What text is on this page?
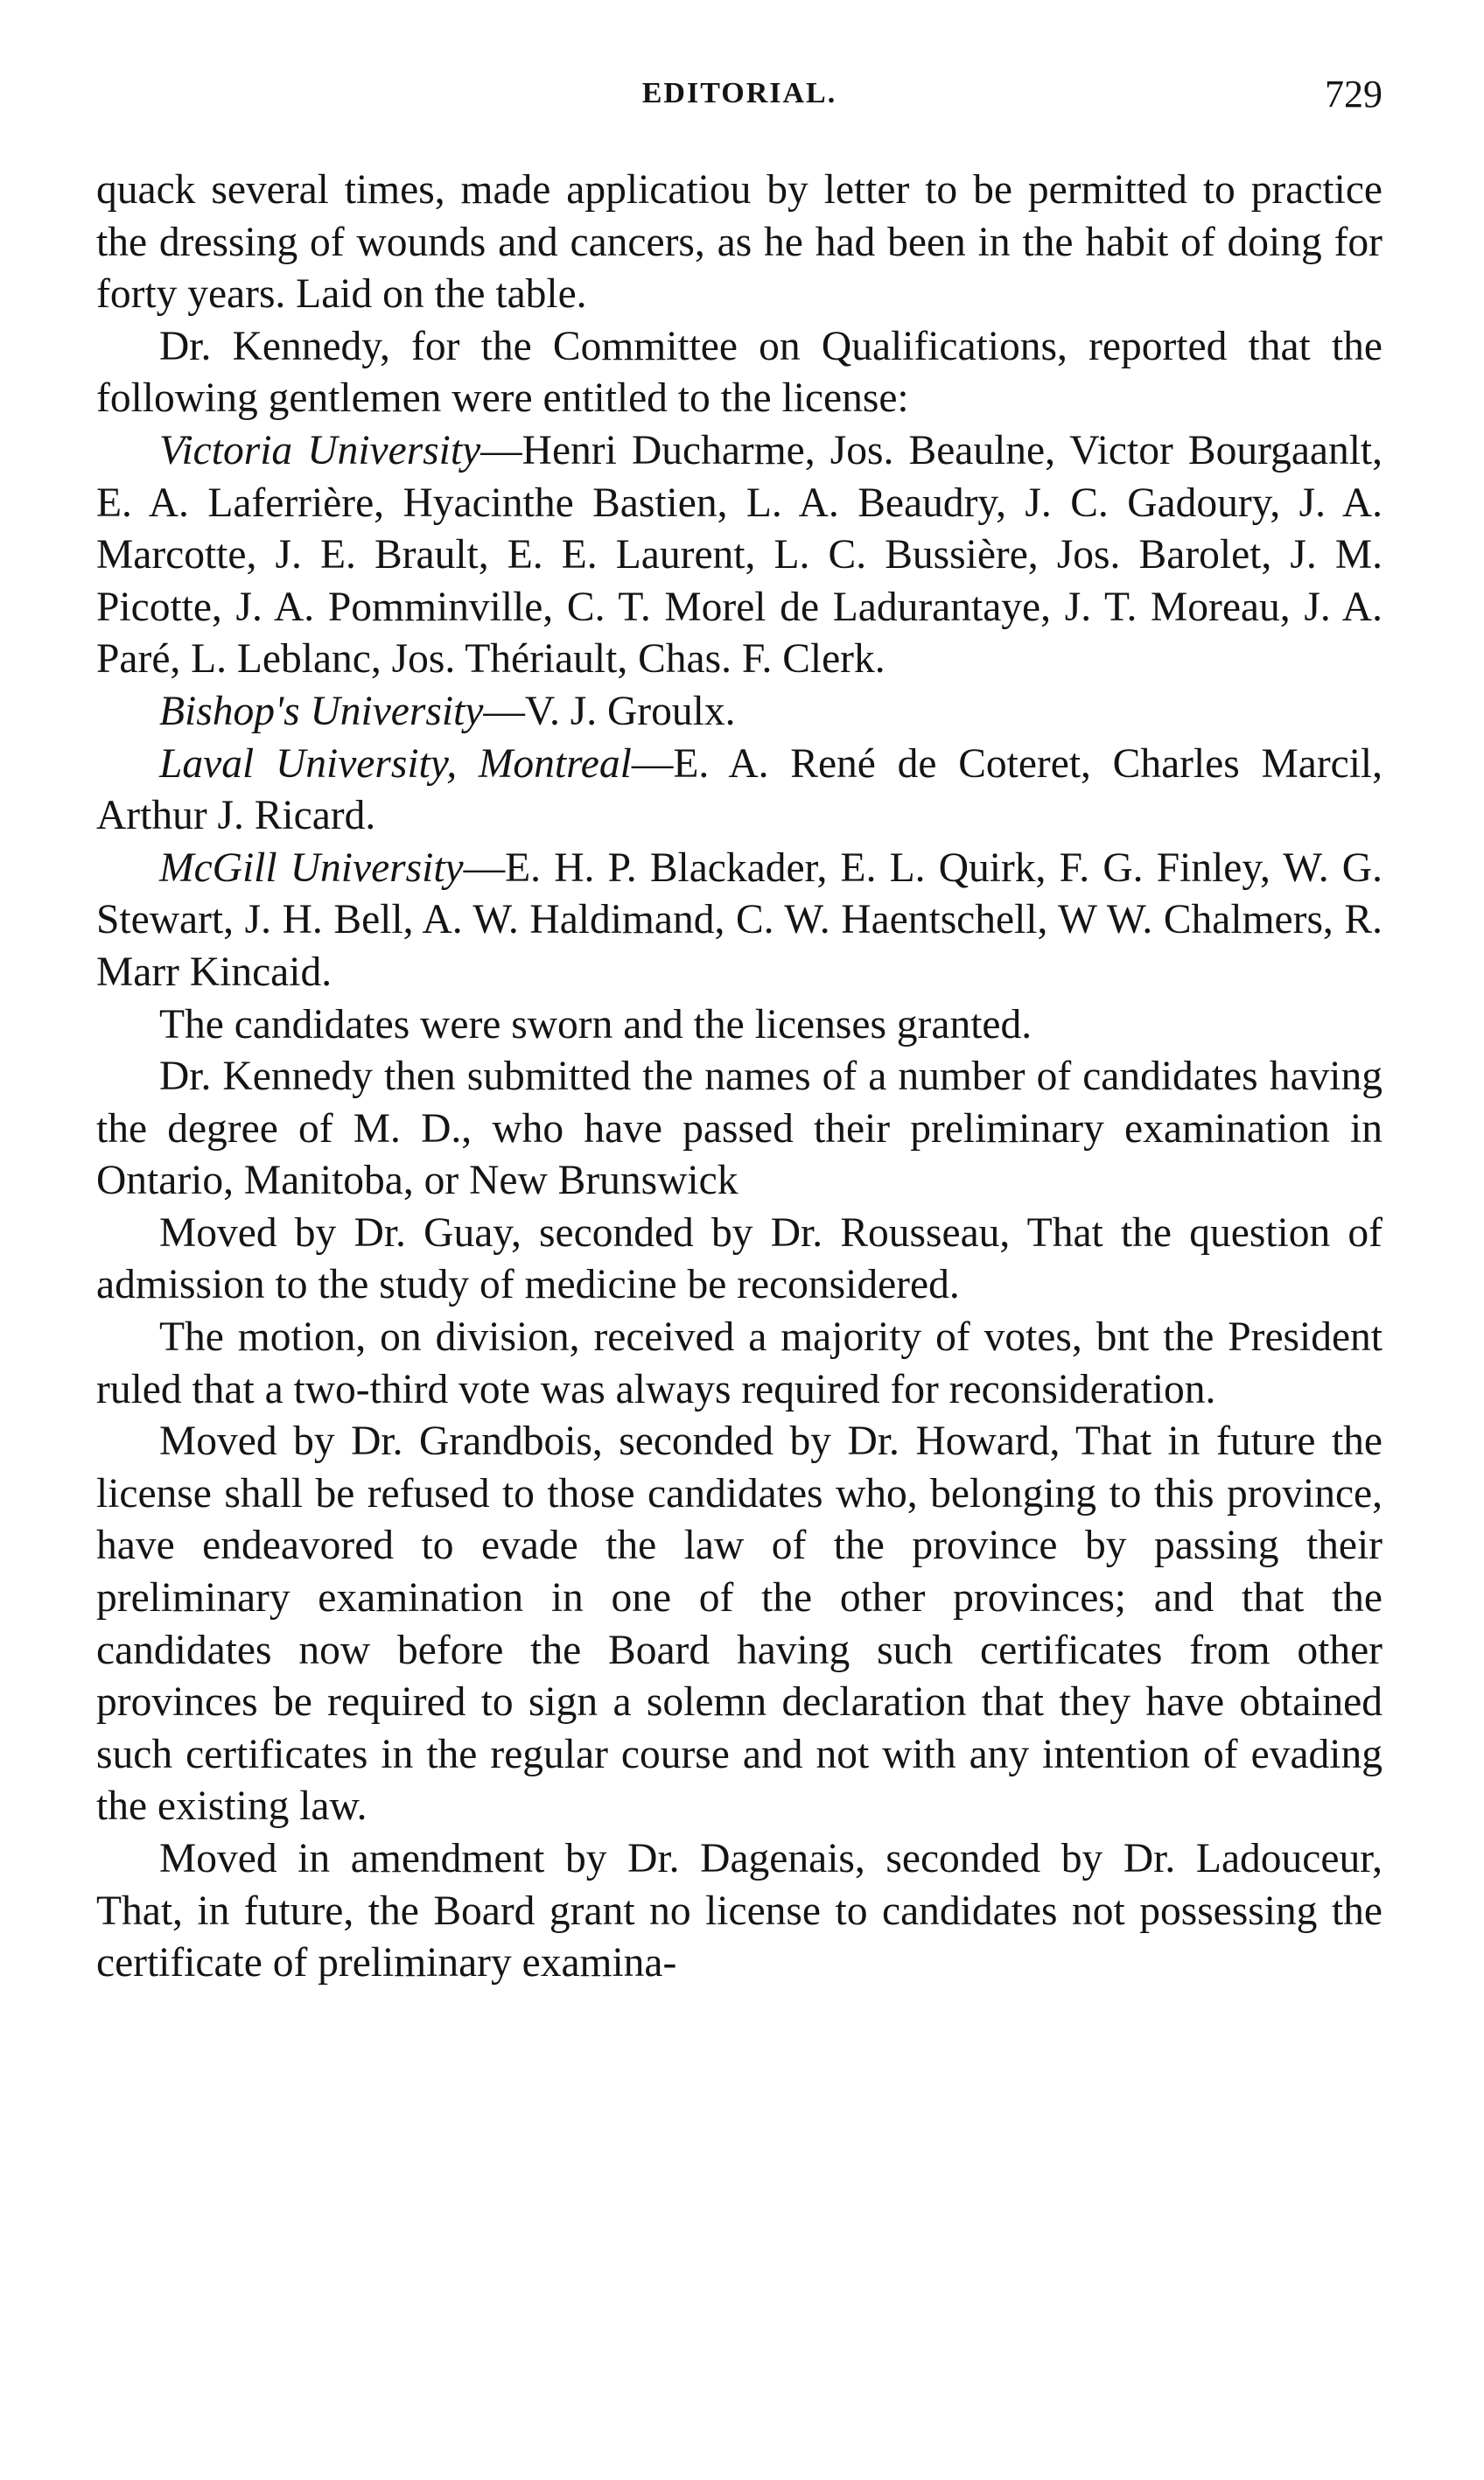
EDITORIAL.	729

quack several times, made applicatiou by letter to be permitted to practice the dressing of wounds and cancers, as he had been in the habit of doing for forty years. Laid on the table.

Dr. Kennedy, for the Committee on Qualifications, reported that the following gentlemen were entitled to the license:

Victoria University—Henri Ducharme, Jos. Beaulne, Victor Bourgaanlt, E. A. Laferrière, Hyacinthe Bastien, L. A. Beaudry, J. C. Gadoury, J. A. Marcotte, J. E. Brault, E. E. Laurent, L. C. Bussière, Jos. Barolet, J. M. Picotte, J. A. Pomminville, C. T. Morel de Ladurantaye, J. T. Moreau, J. A. Paré, L. Leblanc, Jos. Thériault, Chas. F. Clerk.

Bishop's University—V. J. Groulx.

Laval University, Montreal—E. A. René de Coteret, Charles Marcil, Arthur J. Ricard.

McGill University—E. H. P. Blackader, E. L. Quirk, F. G. Finley, W. G. Stewart, J. H. Bell, A. W. Haldimand, C. W. Haentschell, W W. Chalmers, R. Marr Kincaid.

The candidates were sworn and the licenses granted.

Dr. Kennedy then submitted the names of a number of candidates having the degree of M. D., who have passed their preliminary examination in Ontario, Manitoba, or New Brunswick

Moved by Dr. Guay, seconded by Dr. Rousseau, That the question of admission to the study of medicine be reconsidered.

The motion, on division, received a majority of votes, bnt the President ruled that a two-third vote was always required for reconsideration.

Moved by Dr. Grandbois, seconded by Dr. Howard, That in future the license shall be refused to those candidates who, belonging to this province, have endeavored to evade the law of the province by passing their preliminary examination in one of the other provinces; and that the candidates now before the Board having such certificates from other provinces be required to sign a solemn declaration that they have obtained such certificates in the regular course and not with any intention of evading the existing law.

Moved in amendment by Dr. Dagenais, seconded by Dr. Ladouceur, That, in future, the Board grant no license to candidates not possessing the certificate of preliminary examina-
